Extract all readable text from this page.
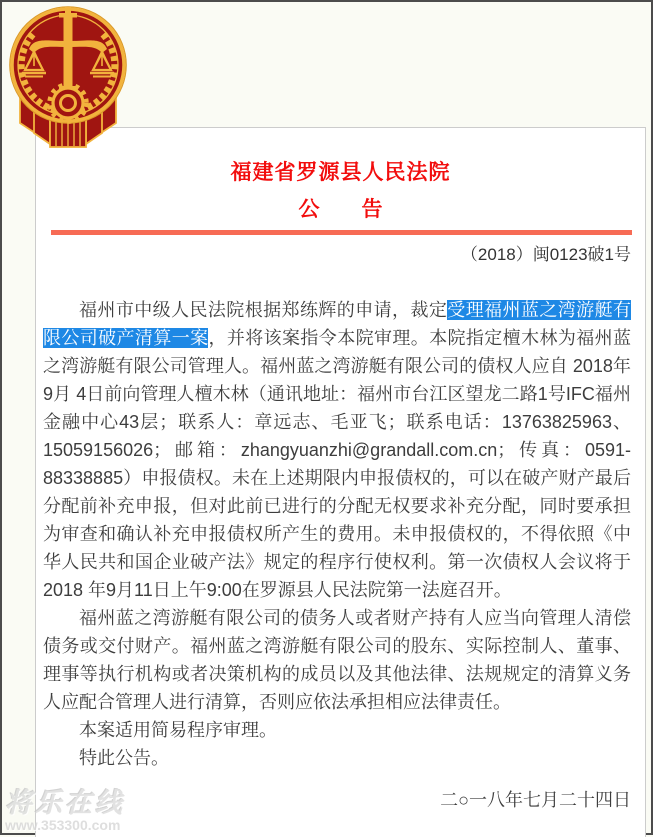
福建省罗源县人民法院
公　　告
（2018）闽0123破1号

福州市中级人民法院根据郑练辉的申请，裁定受理福州蓝之湾游艇有限公司破产清算一案，并将该案指令本院审理。本院指定檀木林为福州蓝之湾游艇有限公司管理人。福州蓝之湾游艇有限公司的债权人应自 2018年9月 4日前向管理人檀木林（通讯地址：福州市台江区望龙二路1号IFC福州金融中心43层；联系人：章远志、毛亚飞；联系电话：13763825963、15059156026；邮箱：zhangyuanzhi@grandall.com.cn；传真：0591-88338885）申报债权。未在上述期限内申报债权的，可以在破产财产最后分配前补充申报，但对此前已进行的分配无权要求补充分配，同时要承担为审查和确认补充申报债权所产生的费用。未申报债权的，不得依照《中华人民共和国企业破产法》规定的程序行使权利。第一次债权人会议将于2018 年9月11日上午9:00在罗源县人民法院第一法庭召开。

福州蓝之湾游艇有限公司的债务人或者财产持有人应当向管理人清偿债务或交付财产。福州蓝之湾游艇有限公司的股东、实际控制人、董事、理事等执行机构或者决策机构的成员以及其他法律、法规规定的清算义务人应配合管理人进行清算，否则应依法承担相应法律责任。

本案适用简易程序审理。

特此公告。

二○一八年七月二十四日
将乐在线
www.353300.com
